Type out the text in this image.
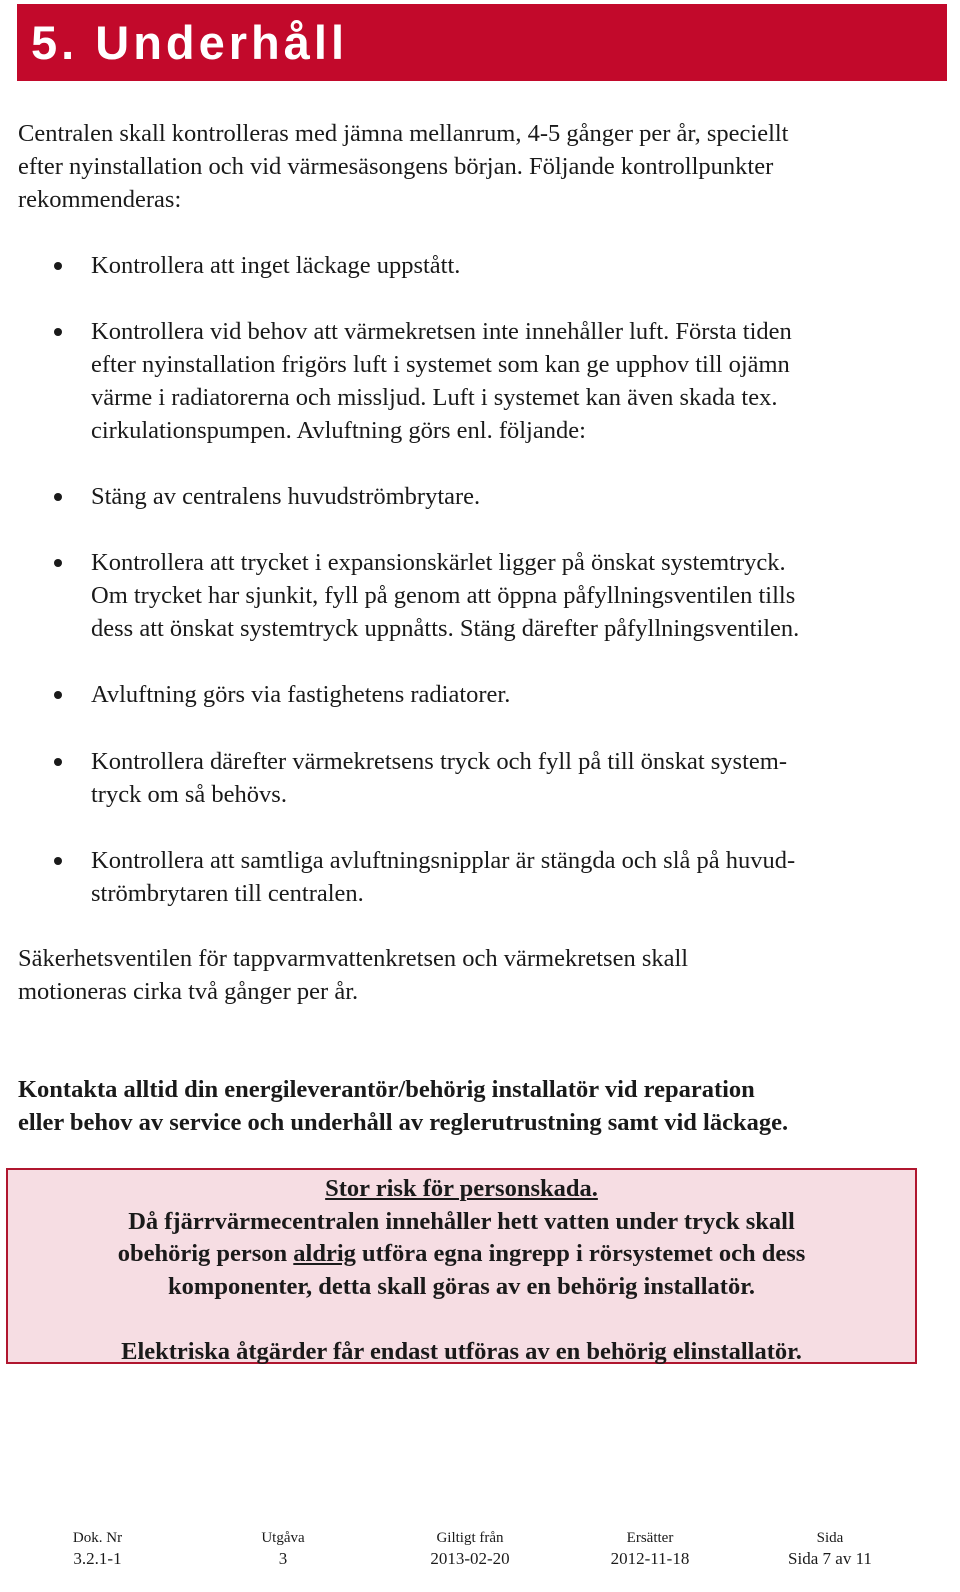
5. Underhåll

Centralen skall kontrolleras med jämna mellanrum, 4-5 gånger per år, speciellt

efter nyinstallation och vid värmesäsongens början. Följande kontrollpunkter

rekommenderas:

Kontrollera att inget läckage uppstått.
Kontrollera vid behov att värmekretsen inte innehåller luft. Första tiden
efter nyinstallation frigörs luft i systemet som kan ge upphov till ojämn
värme i radiatorerna och missljud. Luft i systemet kan även skada tex.
cirkulationspumpen. Avluftning görs enl. följande:
Stäng av centralens huvudströmbrytare.
Kontrollera att trycket i expansionskärlet ligger på önskat systemtryck.
Om trycket har sjunkit, fyll på genom att öppna påfyllningsventilen tills
dess att önskat systemtryck uppnåtts. Stäng därefter påfyllningsventilen.
Avluftning görs via fastighetens radiatorer.
Kontrollera därefter värmekretsens tryck och fyll på till önskat system-
tryck om så behövs.
Kontrollera att samtliga avluftningsnipplar är stängda och slå på huvud-
strömbrytaren till centralen.

Säkerhetsventilen för tappvarmvattenkretsen och värmekretsen skall

motioneras cirka två gånger per år.

Kontakta alltid din energileverantör/behörig installatör vid reparation

eller behov av service och underhåll av reglerutrustning samt vid läckage.

Stor risk för personskada.
Då fjärrvärmecentralen innehåller hett vatten under tryck skall
obehörig person aldrig utföra egna ingrepp i rörsystemet och dess
komponenter, detta skall göras av en behörig installatör.
Elektriska åtgärder får endast utföras av en behörig elinstallatör.
Dok. Nr
3.2.1-1
Utgåva
3
Giltigt från
2013-02-20
Ersätter
2012-11-18
Sida
Sida 7 av 11
